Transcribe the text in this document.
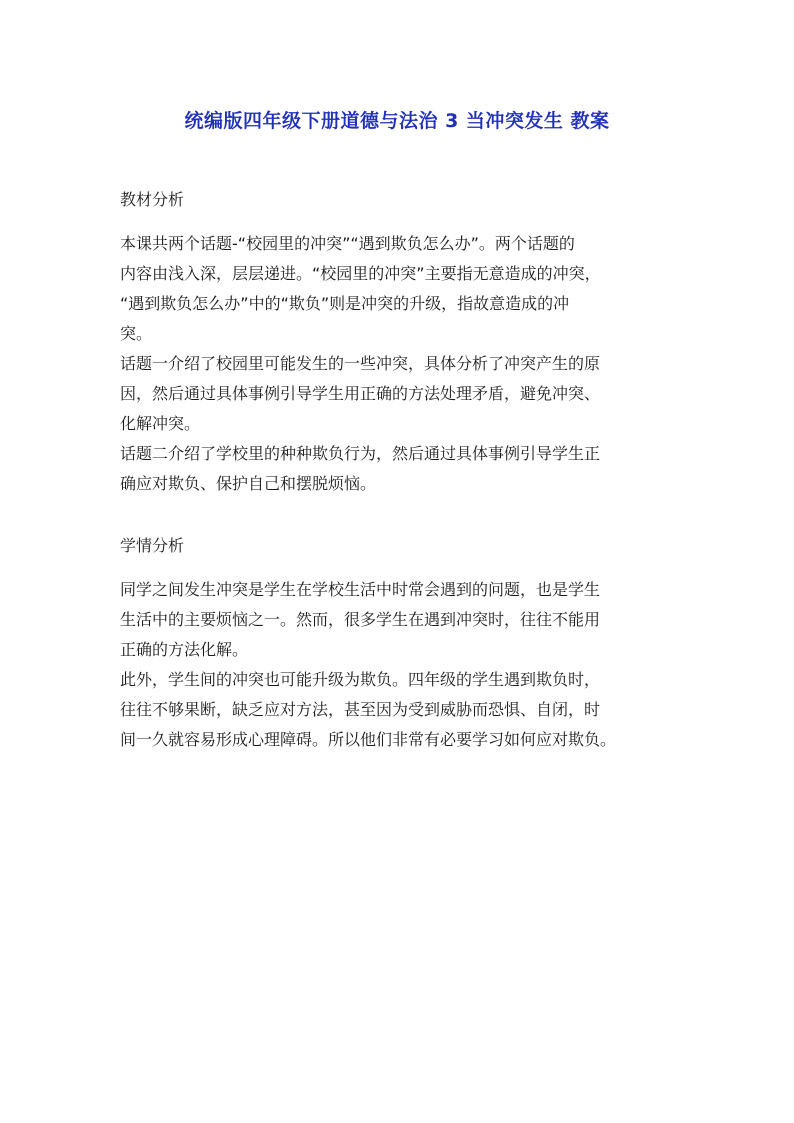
统编版四年级下册道德与法治 3 当冲突发生 教案
教材分析

本课共两个话题-“校园里的冲突”“遇到欺负怎么办”。两个话题的
内容由浅入深，层层递进。“校园里的冲突”主要指无意造成的冲突，
“遇到欺负怎么办”中的“欺负”则是冲突的升级，指故意造成的冲
突。

话题一介绍了校园里可能发生的一些冲突，具体分析了冲突产生的原
因，然后通过具体事例引导学生用正确的方法处理矛盾，避免冲突、
化解冲突。

话题二介绍了学校里的种种欺负行为，然后通过具体事例引导学生正
确应对欺负、保护自己和摆脱烦恼。

学情分析

同学之间发生冲突是学生在学校生活中时常会遇到的问题，也是学生
生活中的主要烦恼之一。然而，很多学生在遇到冲突时，往往不能用
正确的方法化解。

此外，学生间的冲突也可能升级为欺负。四年级的学生遇到欺负时，
往往不够果断，缺乏应对方法，甚至因为受到威胁而恐惧、自闭，时
间一久就容易形成心理障碍。所以他们非常有必要学习如何应对欺负。
